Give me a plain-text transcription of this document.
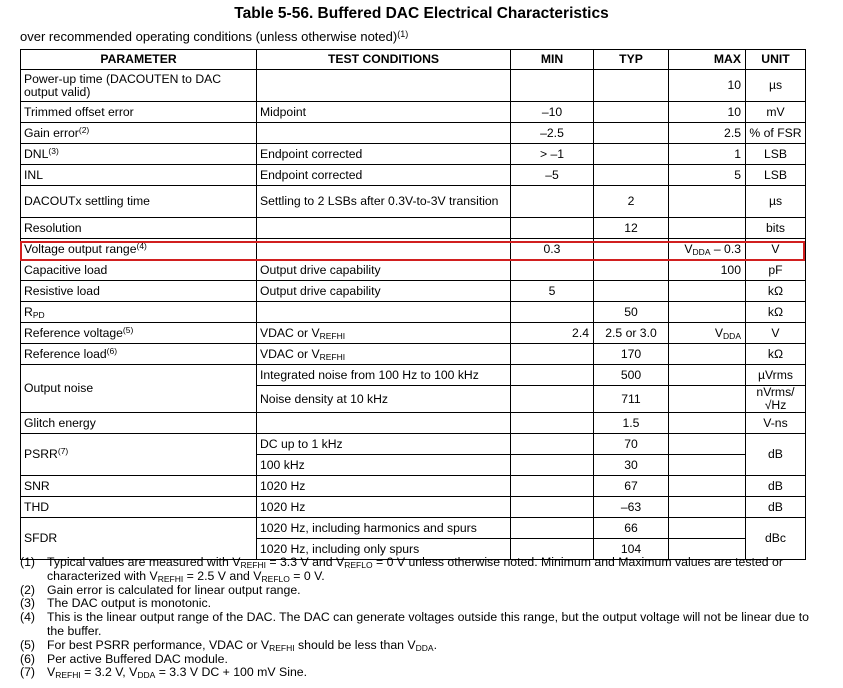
Table 5-56. Buffered DAC Electrical Characteristics
over recommended operating conditions (unless otherwise noted)$^{(1)}$
PARAMETER	TEST CONDITIONS	MIN	TYP	MAX	UNIT
Power-up time (DACOUTEN to DAC output valid)				10	µs
Trimmed offset error	Midpoint	–10		10	mV
Gain error$^{(2)}$		–2.5		2.5	% of FSR
DNL$^{(3)}$	Endpoint corrected	> –1		1	LSB
INL	Endpoint corrected	–5		5	LSB
DACOUTx settling time	Settling to 2 LSBs after 0.3V-to-3V transition		2		µs
Resolution			12		bits
Voltage output range$^{(4)}$		0.3		$V_{DDA} - 0.3$	V
Capacitive load	Output drive capability			100	pF
Resistive load	Output drive capability	5			kΩ
$R_{PD}$			50		kΩ
Reference voltage$^{(5)}$	VDAC or $V_{REFHI}$	2.4	2.5 or 3.0	$V_{DDA}$	V
Reference load$^{(6)}$	VDAC or $V_{REFHI}$		170		kΩ
Output noise	Integrated noise from 100 Hz to 100 kHz		500		µVrms
	Noise density at 10 kHz		711		nVrms/√Hz
Glitch energy			1.5		V-ns
PSRR$^{(7)}$	DC up to 1 kHz		70		dB
	100 kHz		30		
SNR	1020 Hz		67		dB
THD	1020 Hz		–63		dB
SFDR	1020 Hz, including harmonics and spurs		66		dBc
	1020 Hz, including only spurs		104		
(1) Typical values are measured with $V_{REFHI} = 3.3$ V and $V_{REFLO} = 0$ V unless otherwise noted. Minimum and Maximum values are tested or characterized with $V_{REFHI} = 2.5$ V and $V_{REFLO} = 0$ V.
(2) Gain error is calculated for linear output range.
(3) The DAC output is monotonic.
(4) This is the linear output range of the DAC. The DAC can generate voltages outside this range, but the output voltage will not be linear due to the buffer.
(5) For best PSRR performance, VDAC or $V_{REFHI}$ should be less than $V_{DDA}$.
(6) Per active Buffered DAC module.
(7) $V_{REFHI} = 3.2$ V, $V_{DDA} = 3.3$ V DC + 100 mV Sine.
